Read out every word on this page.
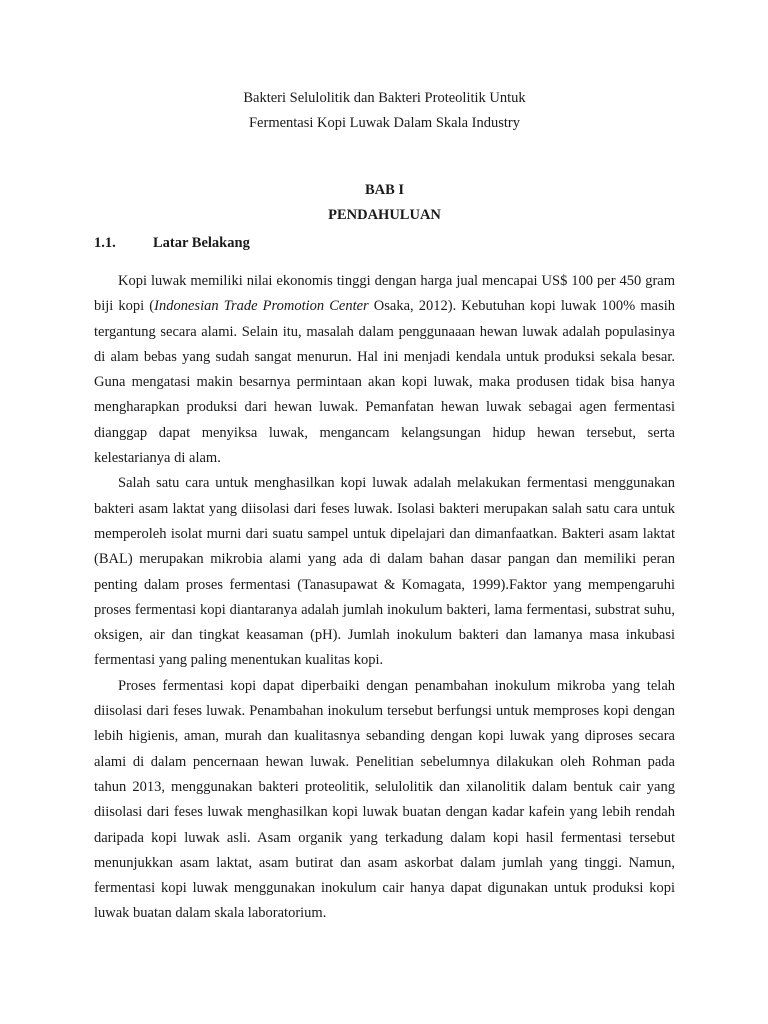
Bakteri Selulolitik dan Bakteri Proteolitik Untuk

Fermentasi Kopi Luwak Dalam Skala Industry

BAB I

PENDAHULUAN

1.1.	Latar Belakang

Kopi luwak memiliki nilai ekonomis tinggi dengan harga jual mencapai US$ 100 per 450 gram biji kopi (Indonesian Trade Promotion Center Osaka, 2012). Kebutuhan kopi luwak 100% masih tergantung secara alami. Selain itu, masalah dalam penggunaaan hewan luwak adalah populasinya di alam bebas yang sudah sangat menurun. Hal ini menjadi kendala untuk produksi sekala besar. Guna mengatasi makin besarnya permintaan akan kopi luwak, maka produsen tidak bisa hanya mengharapkan produksi dari hewan luwak. Pemanfatan hewan luwak sebagai agen fermentasi dianggap dapat menyiksa luwak, mengancam kelangsungan hidup hewan tersebut, serta kelestarianya di alam.

Salah satu cara untuk menghasilkan kopi luwak adalah melakukan fermentasi menggunakan bakteri asam laktat yang diisolasi dari feses luwak. Isolasi bakteri merupakan salah satu cara untuk memperoleh isolat murni dari suatu sampel untuk dipelajari dan dimanfaatkan. Bakteri asam laktat (BAL) merupakan mikrobia alami yang ada di dalam bahan dasar pangan dan memiliki peran penting dalam proses fermentasi (Tanasupawat & Komagata, 1999).Faktor yang mempengaruhi proses fermentasi kopi diantaranya adalah jumlah inokulum bakteri, lama fermentasi, substrat suhu, oksigen, air dan tingkat keasaman (pH). Jumlah inokulum bakteri dan lamanya masa inkubasi fermentasi yang paling menentukan kualitas kopi.

Proses fermentasi kopi dapat diperbaiki dengan penambahan inokulum mikroba yang telah diisolasi dari feses luwak. Penambahan inokulum tersebut berfungsi untuk memproses kopi dengan lebih higienis, aman, murah dan kualitasnya sebanding dengan kopi luwak yang diproses secara alami di dalam pencernaan hewan luwak. Penelitian sebelumnya dilakukan oleh Rohman pada tahun 2013, menggunakan bakteri proteolitik, selulolitik dan xilanolitik dalam bentuk cair yang diisolasi dari feses luwak menghasilkan kopi luwak buatan dengan kadar kafein yang lebih rendah daripada kopi luwak asli. Asam organik yang terkadung dalam kopi hasil fermentasi tersebut menunjukkan asam laktat, asam butirat dan asam askorbat dalam jumlah yang tinggi. Namun, fermentasi kopi luwak menggunakan inokulum cair hanya dapat digunakan untuk produksi kopi luwak buatan dalam skala laboratorium.
